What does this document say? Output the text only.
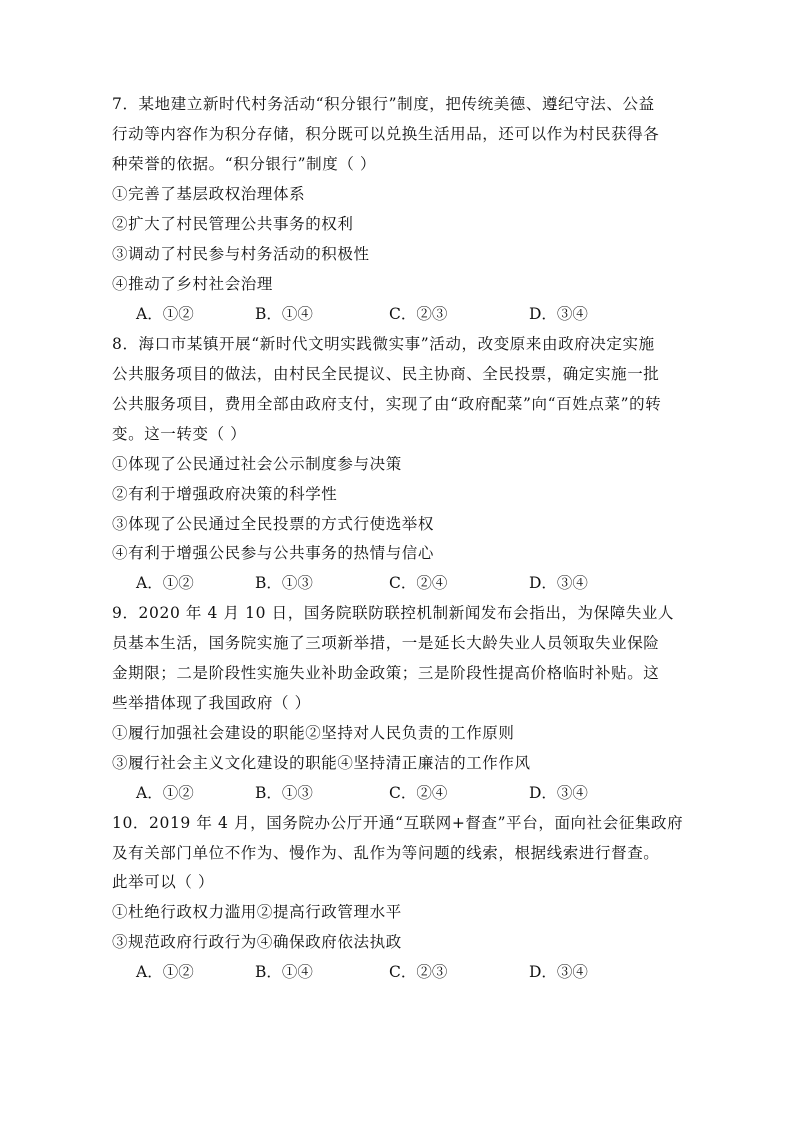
7．某地建立新时代村务活动“积分银行”制度，把传统美德、遵纪守法、公益
行动等内容作为积分存储，积分既可以兑换生活用品，还可以作为村民获得各
种荣誉的依据。“积分银行”制度（ ）
①完善了基层政权治理体系
②扩大了村民管理公共事务的权利
③调动了村民参与村务活动的积极性
④推动了乡村社会治理
A．①②	B．①④	C．②③	D．③④
8．海口市某镇开展“新时代文明实践微实事”活动，改变原来由政府决定实施
公共服务项目的做法，由村民全民提议、民主协商、全民投票，确定实施一批
公共服务项目，费用全部由政府支付，实现了由“政府配菜”向“百姓点菜”的转
变。这一转变（ ）
①体现了公民通过社会公示制度参与决策
②有利于增强政府决策的科学性
③体现了公民通过全民投票的方式行使选举权
④有利于增强公民参与公共事务的热情与信心
A．①②	B．①③	C．②④	D．③④
9．2020 年 4 月 10 日，国务院联防联控机制新闻发布会指出，为保障失业人
员基本生活，国务院实施了三项新举措，一是延长大龄失业人员领取失业保险
金期限；二是阶段性实施失业补助金政策；三是阶段性提高价格临时补贴。这
些举措体现了我国政府（ ）
①履行加强社会建设的职能②坚持对人民负责的工作原则
③履行社会主义文化建设的职能④坚持清正廉洁的工作作风
A．①②	B．①③	C．②④	D．③④
10．2019 年 4 月，国务院办公厅开通“互联网+督查”平台，面向社会征集政府
及有关部门单位不作为、慢作为、乱作为等问题的线索，根据线索进行督查。
此举可以（ ）
①杜绝行政权力滥用②提高行政管理水平
③规范政府行政行为④确保政府依法执政
A．①②	B．①④	C．②③	D．③④
